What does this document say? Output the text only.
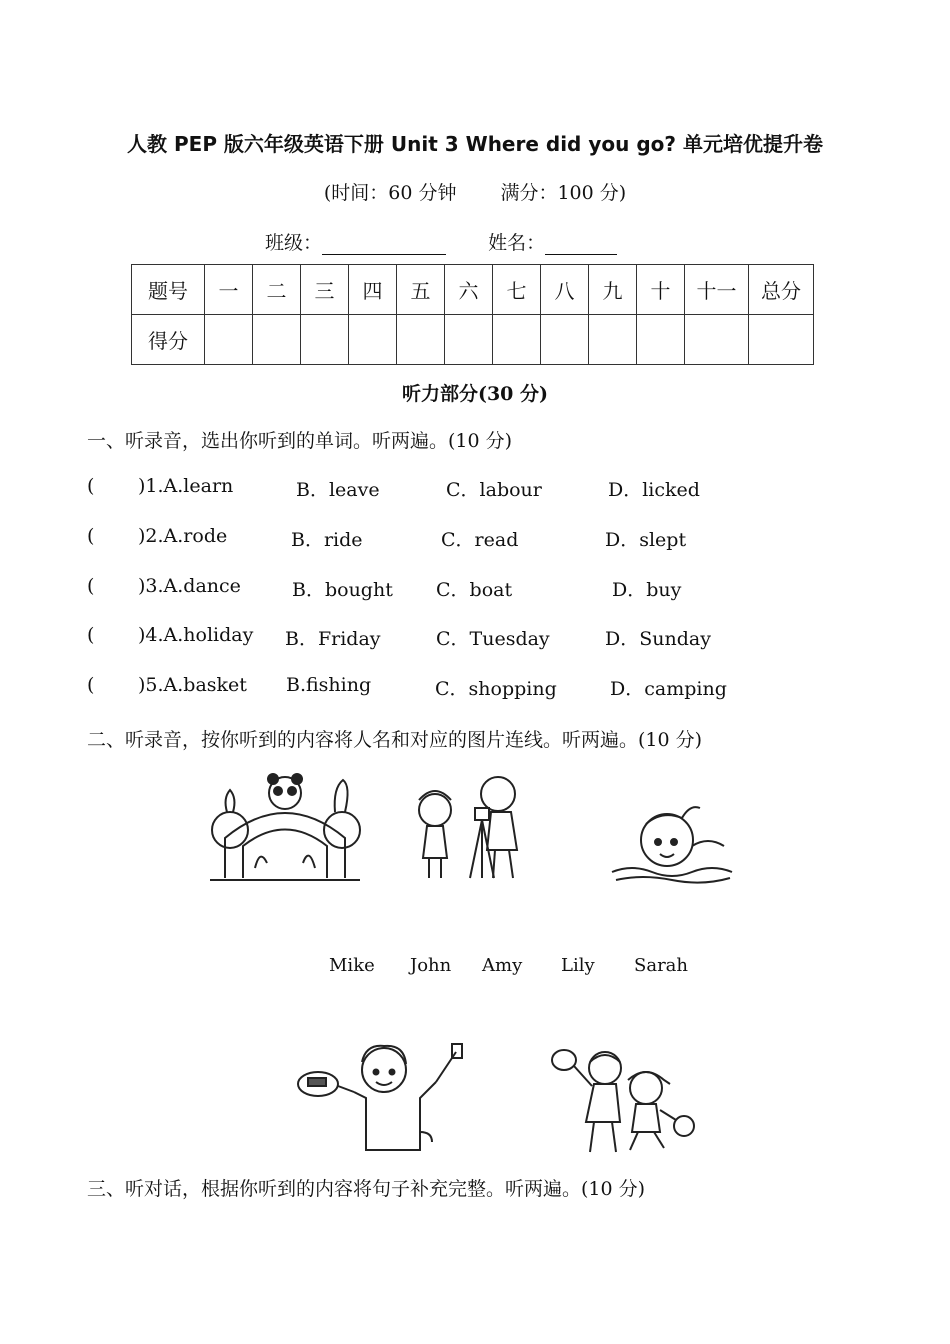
人教 PEP 版六年级英语下册 Unit 3 Where did you go? 单元培优提升卷
(时间：60 分钟 满分：100 分)
班级：	姓名：
题号	一	二	三	四	五	六	七	八	九	十	十一	总分
得分												
听力部分(30 分)
一、听录音，选出你听到的单词。听两遍。(10 分)
( )1.A.learn	B．leave	C．labour	D．licked
( )2.A.rode	B．ride	C．read	D．slept
( )3.A.dance	B．bought C．boat	D．buy
( )4.A.holiday B．Friday	C．Tuesday	D．Sunday
( )5.A.basket B.fishing	C．shopping	D．camping
二、听录音，按你听到的内容将人名和对应的图片连线。听两遍。(10 分)
Mike John Amy Lily Sarah
三、听对话，根据你听到的内容将句子补充完整。听两遍。(10 分)
